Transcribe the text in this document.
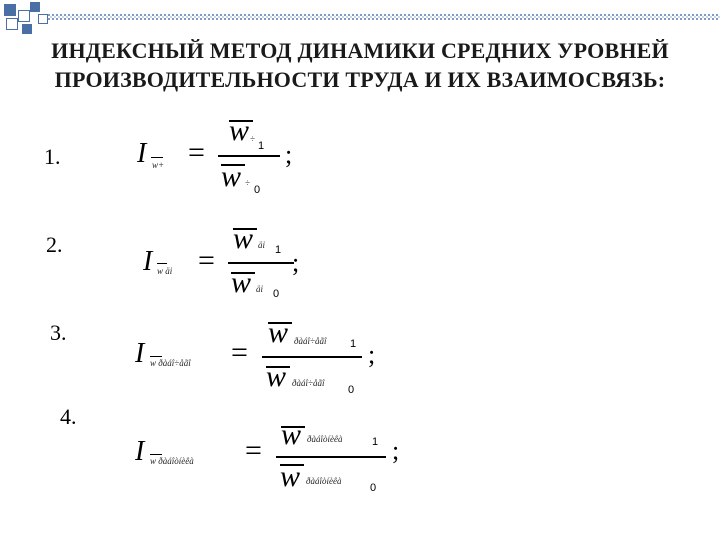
ИНДЕКСНЫЙ МЕТОД ДИНАМИКИ СРЕДНИХ УРОВНЕЙ ПРОИЗВОДИТЕЛЬНОСТИ ТРУДА И ИХ ВЗАИМОСВЯЗЬ:
1.	I w+ =
w ÷
1
w ÷
0
;
2.
I w äi =
w äi 1
w äi 0
;
3.
I w ðàáî÷åãî =
w ðàáî÷åãî 1
w ðàáî÷åãî
0
;
4.
I w ðàáîòíèêà = w ðàáîòíèêà	1
w ðàáîòíèêà
0
;
